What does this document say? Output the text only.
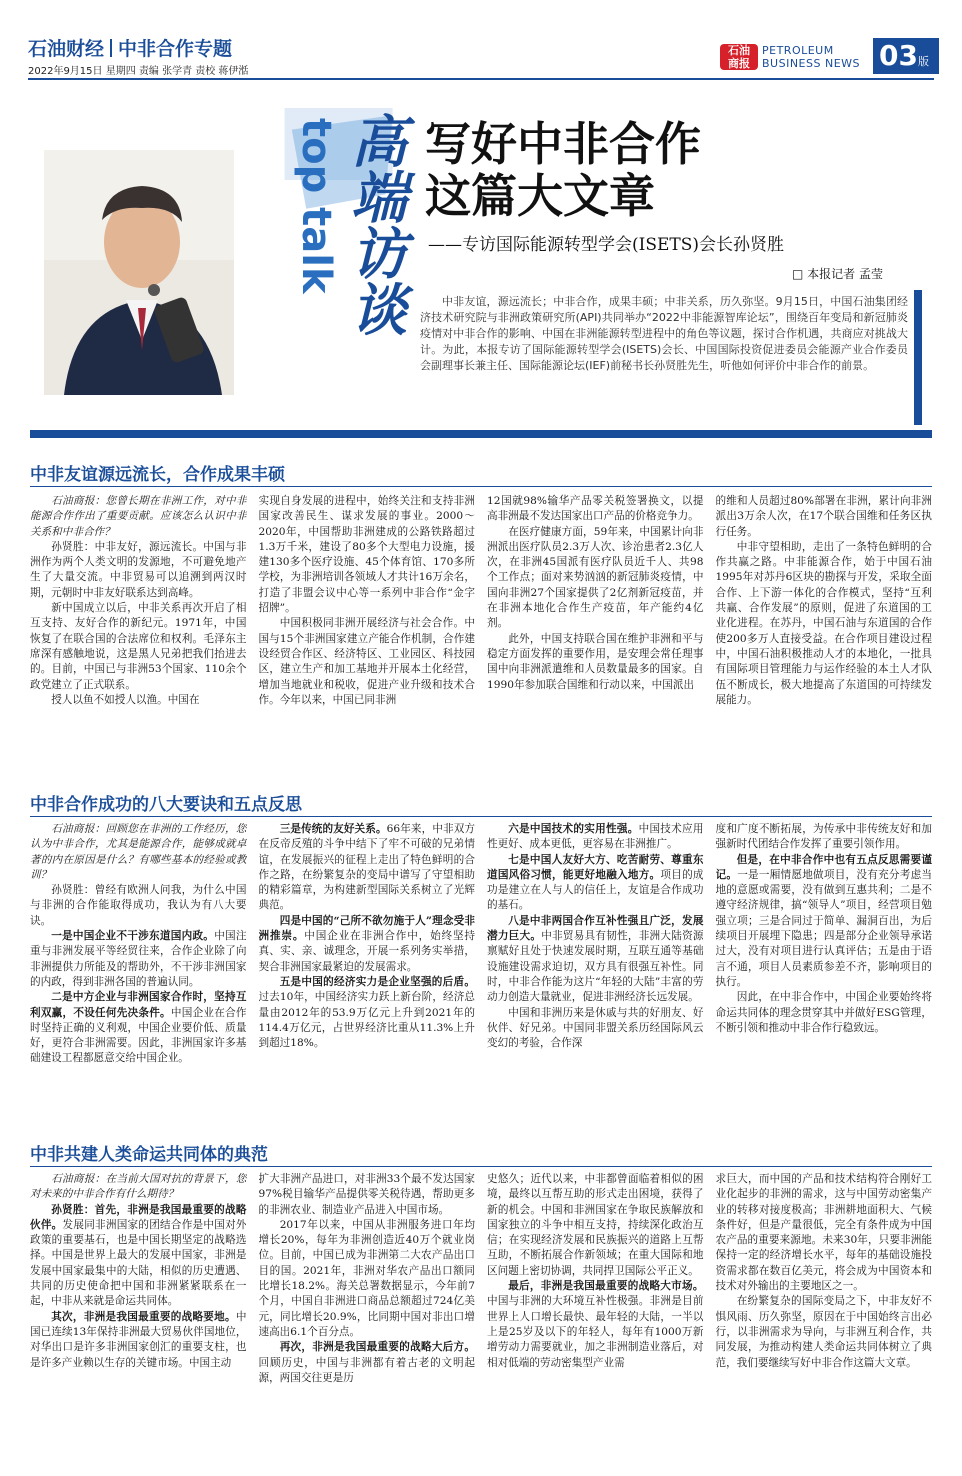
石油财经 中非合作专题
2022年9月15日 星期四 责编 张学青 责校 蒋伊湉
石油商报
PETROLEUM
BUSINESS NEWS 03版
top talk 高端访谈 写好中非合作
这篇大文章
——专访国际能源转型学会(ISETS)会长孙贤胜
□ 本报记者 孟莹

中非友谊，源远流长；中非合作，成果丰硕；中非关系，历久弥坚。9月15日，中国石油集团经济技术研究院与非洲政策研究所(API)共同举办“2022中非能源智库论坛”，围绕百年变局和新冠肺炎疫情对中非合作的影响、中国在非洲能源转型进程中的角色等议题，探讨合作机遇，共商应对挑战大计。为此，本报专访了国际能源转型学会(ISETS)会长、中国国际投资促进委员会能源产业合作委员会副理事长兼主任、国际能源论坛(IEF)前秘书长孙贤胜先生，听他如何评价中非合作的前景。

中非友谊源远流长，合作成果丰硕

石油商报：您曾长期在非洲工作，对中非能源合作作出了重要贡献。应该怎么认识中非关系和中非合作？

孙贤胜：中非友好，源远流长。中国与非洲作为两个人类文明的发源地，不可避免地产生了大量交流。中非贸易可以追溯到两汉时期，元朝时中非友好联系达到高峰。

新中国成立以后，中非关系再次开启了相互支持、友好合作的新纪元。1971年，中国恢复了在联合国的合法席位和权利。毛泽东主席深有感触地说，这是黑人兄弟把我们抬进去的。目前，中国已与非洲53个国家、110余个政党建立了正式联系。

授人以鱼不如授人以渔。中国在

实现自身发展的进程中，始终关注和支持非洲国家改善民生、谋求发展的事业。2000～2020年，中国帮助非洲建成的公路铁路超过1.3万千米，建设了80多个大型电力设施，援建130多个医疗设施、45个体育馆、170多所学校，为非洲培训各领域人才共计16万余名，打造了非盟会议中心等一系列中非合作“金字招牌”。

中国积极同非洲开展经济与社会合作。中国与15个非洲国家建立产能合作机制，合作建设经贸合作区、经济特区、工业园区、科技园区，建立生产和加工基地并开展本土化经营，增加当地就业和税收，促进产业升级和技术合作。今年以来，中国已同非洲

12国就98%输华产品零关税签署换文，以提高非洲最不发达国家出口产品的价格竞争力。

在医疗健康方面，59年来，中国累计向非洲派出医疗队员2.3万人次、诊治患者2.3亿人次，在非洲45国派有医疗队员近千人、共98个工作点；面对来势汹汹的新冠肺炎疫情，中国向非洲27个国家提供了2亿剂新冠疫苗，并在非洲本地化合作生产疫苗，年产能约4亿剂。

此外，中国支持联合国在维护非洲和平与稳定方面发挥的重要作用，是安理会常任理事国中向非洲派遣维和人员数量最多的国家。自1990年参加联合国维和行动以来，中国派出

的维和人员超过80%部署在非洲，累计向非洲派出3万余人次，在17个联合国维和任务区执行任务。

中非守望相助，走出了一条特色鲜明的合作共赢之路。中非能源合作，始于中国石油1995年对苏丹6区块的勘探与开发，采取全面合作、上下游一体化的合作模式，坚持“互利共赢、合作发展”的原则，促进了东道国的工业化进程。在苏丹，中国石油与东道国的合作使200多万人直接受益。在合作项目建设过程中，中国石油积极推动人才的本地化，一批具有国际项目管理能力与运作经验的本土人才队伍不断成长，极大地提高了东道国的可持续发展能力。

中非合作成功的八大要诀和五点反思

石油商报：回顾您在非洲的工作经历，您认为中非合作，尤其是能源合作，能够成就卓著的内在原因是什么？有哪些基本的经验或教训？

孙贤胜：曾经有欧洲人问我，为什么中国与非洲的合作能取得成功，我认为有八大要诀。

一是中国企业不干涉东道国内政。中国注重与非洲发展平等经贸往来，合作企业除了向非洲提供力所能及的帮助外，不干涉非洲国家的内政，得到非洲各国的普遍认同。

二是中方企业与非洲国家合作时，坚持互利双赢，不设任何先决条件。中国企业在合作时坚持正确的义利观，中国企业要价低、质量好，更符合非洲需要。因此，非洲国家许多基础建设工程都愿意交给中国企业。

三是传统的友好关系。66年来，中非双方在反帝反殖的斗争中结下了牢不可破的兄弟情谊，在发展振兴的征程上走出了特色鲜明的合作之路，在纷繁复杂的变局中谱写了守望相助的精彩篇章，为构建新型国际关系树立了光辉典范。

四是中国的“己所不欲勿施于人”理念受非洲推崇。中国企业在非洲合作中，始终坚持真、实、亲、诚理念，开展一系列务实举措，契合非洲国家最紧迫的发展需求。

五是中国的经济实力是企业坚强的后盾。过去10年，中国经济实力跃上新台阶，经济总量由2012年的53.9万亿元上升到2021年的114.4万亿元，占世界经济比重从11.3%上升到超过18%。

六是中国技术的实用性强。中国技术应用性更好、成本更低，更容易在非洲推广。

七是中国人友好大方、吃苦耐劳、尊重东道国风俗习惯，能更好地融入地方。项目的成功是建立在人与人的信任上，友谊是合作成功的基石。

八是中非两国合作互补性强且广泛，发展潜力巨大。中非贸易具有韧性，非洲大陆资源禀赋好且处于快速发展时期，互联互通等基础设施建设需求迫切，双方具有很强互补性。同时，中非合作能为这片“年轻的大陆”丰富的劳动力创造大量就业，促进非洲经济长远发展。

中国和非洲历来是休戚与共的好朋友、好伙伴、好兄弟。中国同非盟关系历经国际风云变幻的考验，合作深

度和广度不断拓展，为传承中非传统友好和加强新时代团结合作发挥了重要引领作用。

但是，在中非合作中也有五点反思需要谨记。一是一厢情愿地做项目，没有充分考虑当地的意愿或需要，没有做到互惠共利；二是不遵守经济规律，搞“领导人”项目，经营项目勉强立项；三是合同过于简单、漏洞百出，为后续项目开展埋下隐患；四是部分企业领导承诺过大，没有对项目进行认真评估；五是由于语言不通，项目人员素质参差不齐，影响项目的执行。

因此，在中非合作中，中国企业要始终将命运共同体的理念贯穿其中并做好ESG管理，不断引领和推动中非合作行稳致远。

中非共建人类命运共同体的典范

石油商报：在当前大国对抗的背景下，您对未来的中非合作有什么期待？

孙贤胜：首先，非洲是我国最重要的战略伙伴。发展同非洲国家的团结合作是中国对外政策的重要基石，也是中国长期坚定的战略选择。中国是世界上最大的发展中国家，非洲是发展中国家最集中的大陆，相似的历史遭遇、共同的历史使命把中国和非洲紧紧联系在一起，中非从来就是命运共同体。

其次，非洲是我国最重要的战略要地。中国已连续13年保持非洲最大贸易伙伴国地位，对华出口是许多非洲国家创汇的重要支柱，也是许多产业赖以生存的关键市场。中国主动

扩大非洲产品进口，对非洲33个最不发达国家97%税目输华产品提供零关税待遇，帮助更多的非洲农业、制造业产品进入中国市场。

2017年以来，中国从非洲服务进口年均增长20%，每年为非洲创造近40万个就业岗位。目前，中国已成为非洲第二大农产品出口目的国。2021年，非洲对华农产品出口额同比增长18.2%。海关总署数据显示，今年前7个月，中国自非洲进口商品总额超过724亿美元，同比增长20.9%，比同期中国对非出口增速高出6.1个百分点。

再次，非洲是我国最重要的战略大后方。回顾历史，中国与非洲都有着古老的文明起源，两国交往更是历

史悠久；近代以来，中非都曾面临着相似的困境，最终以互帮互助的形式走出困境，获得了新的机会。中国和非洲国家在争取民族解放和国家独立的斗争中相互支持，持续深化政治互信；在实现经济发展和民族振兴的道路上互帮互助，不断拓展合作新领域；在重大国际和地区问题上密切协调，共同捍卫国际公平正义。

最后，非洲是我国最重要的战略大市场。中国与非洲的大环境互补性极强。非洲是目前世界上人口增长最快、最年轻的大陆，一半以上是25岁及以下的年轻人，每年有1000万新增劳动力需要就业，加之非洲制造业落后，对相对低端的劳动密集型产业需

求巨大，而中国的产品和技术结构符合刚好工业化起步的非洲的需求，这与中国劳动密集产业的转移对接度极高；非洲耕地面积大、气候条件好，但是产量很低，完全有条件成为中国农产品的重要来源地。未来30年，只要非洲能保持一定的经济增长水平，每年的基础设施投资需求都在数百亿美元，将会成为中国资本和技术对外输出的主要地区之一。

在纷繁复杂的国际变局之下，中非友好不惧风雨、历久弥坚，原因在于中国始终言出必行，以非洲需求为导向，与非洲互利合作，共同发展，为推动构建人类命运共同体树立了典范，我们要继续写好中非合作这篇大文章。
